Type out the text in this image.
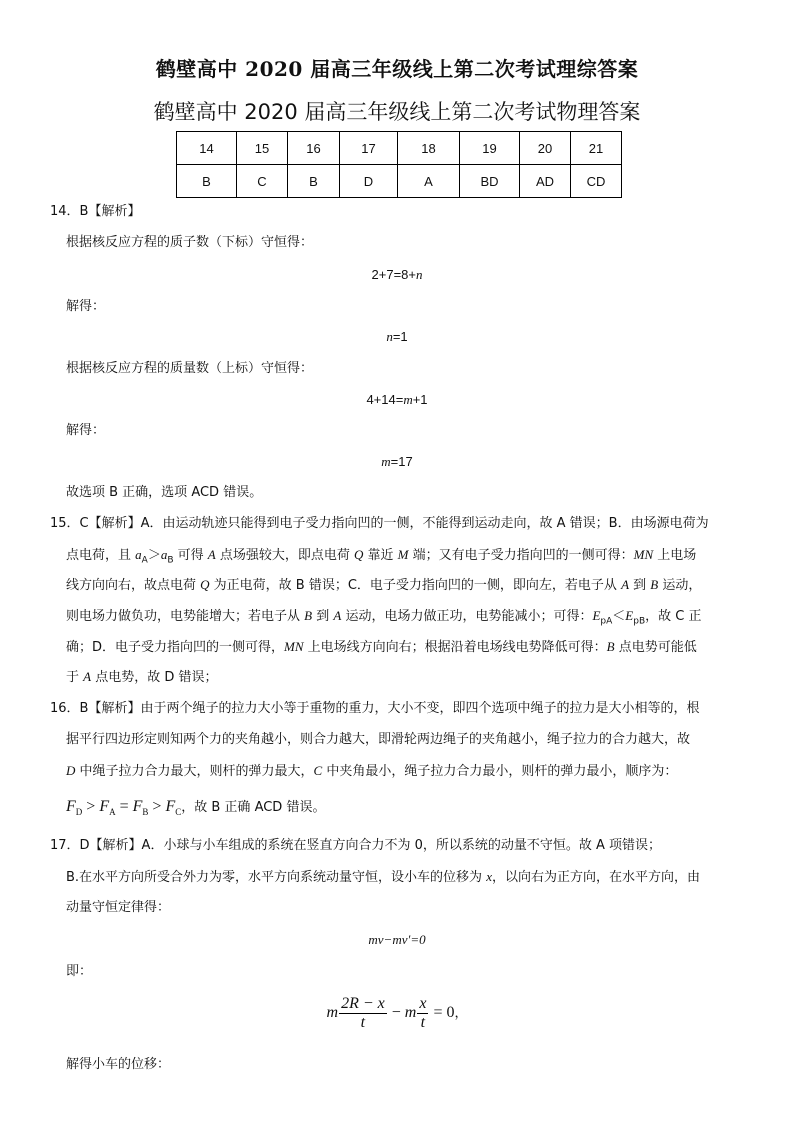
鹤壁高中 2020 届高三年级线上第二次考试理综答案
鹤壁高中 2020 届高三年级线上第二次考试物理答案
14	15	16	17	18	19	20	21
B	C	B	D	A	BD	AD	CD
14．B【解析】
根据核反应方程的质子数（下标）守恒得：
2+7=8+n
解得：
n=1
根据核反应方程的质量数（上标）守恒得：
4+14=m+1
解得：
m=17
故选项 B 正确，选项 ACD 错误。
15．C【解析】A．由运动轨迹只能得到电子受力指向凹的一侧，不能得到运动走向，故 A 错误；B．由场源电荷为
点电荷，且 $a_A>a_B$ 可得 A 点场强较大，即点电荷 Q 靠近 M 端；又有电子受力指向凹的一侧可得：MN 上电场
线方向向右，故点电荷 Q 为正电荷，故 B 错误；C．电子受力指向凹的一侧，即向左，若电子从 A 到 B 运动，
则电场力做负功，电势能增大；若电子从 B 到 A 运动，电场力做正功，电势能减小；可得：$E_{pA}<E_{pB}$，故 C 正
确；D．电子受力指向凹的一侧可得，MN 上电场线方向向右；根据沿着电场线电势降低可得：B 点电势可能低
于 A 点电势，故 D 错误；
16．B【解析】由于两个绳子的拉力大小等于重物的重力，大小不变，即四个选项中绳子的拉力是大小相等的，根
据平行四边形定则知两个力的夹角越小，则合力越大，即滑轮两边绳子的夹角越小，绳子拉力的合力越大，故
D 中绳子拉力合力最大，则杆的弹力最大，C 中夹角最小，绳子拉力合力最小，则杆的弹力最小，顺序为：
$F_D > F_A = F_B > F_C$，故 B 正确 ACD 错误。
17．D【解析】A．小球与小车组成的系统在竖直方向合力不为 0，所以系统的动量不守恒。故 A 项错误；
B.在水平方向所受合外力为零，水平方向系统动量守恒，设小车的位移为 x，以向右为正方向，在水平方向，由
动量守恒定律得：
mv−mv′=0
即：
m $\frac{2R - x}{t} - m \frac{x}{t} = 0$，
解得小车的位移：
